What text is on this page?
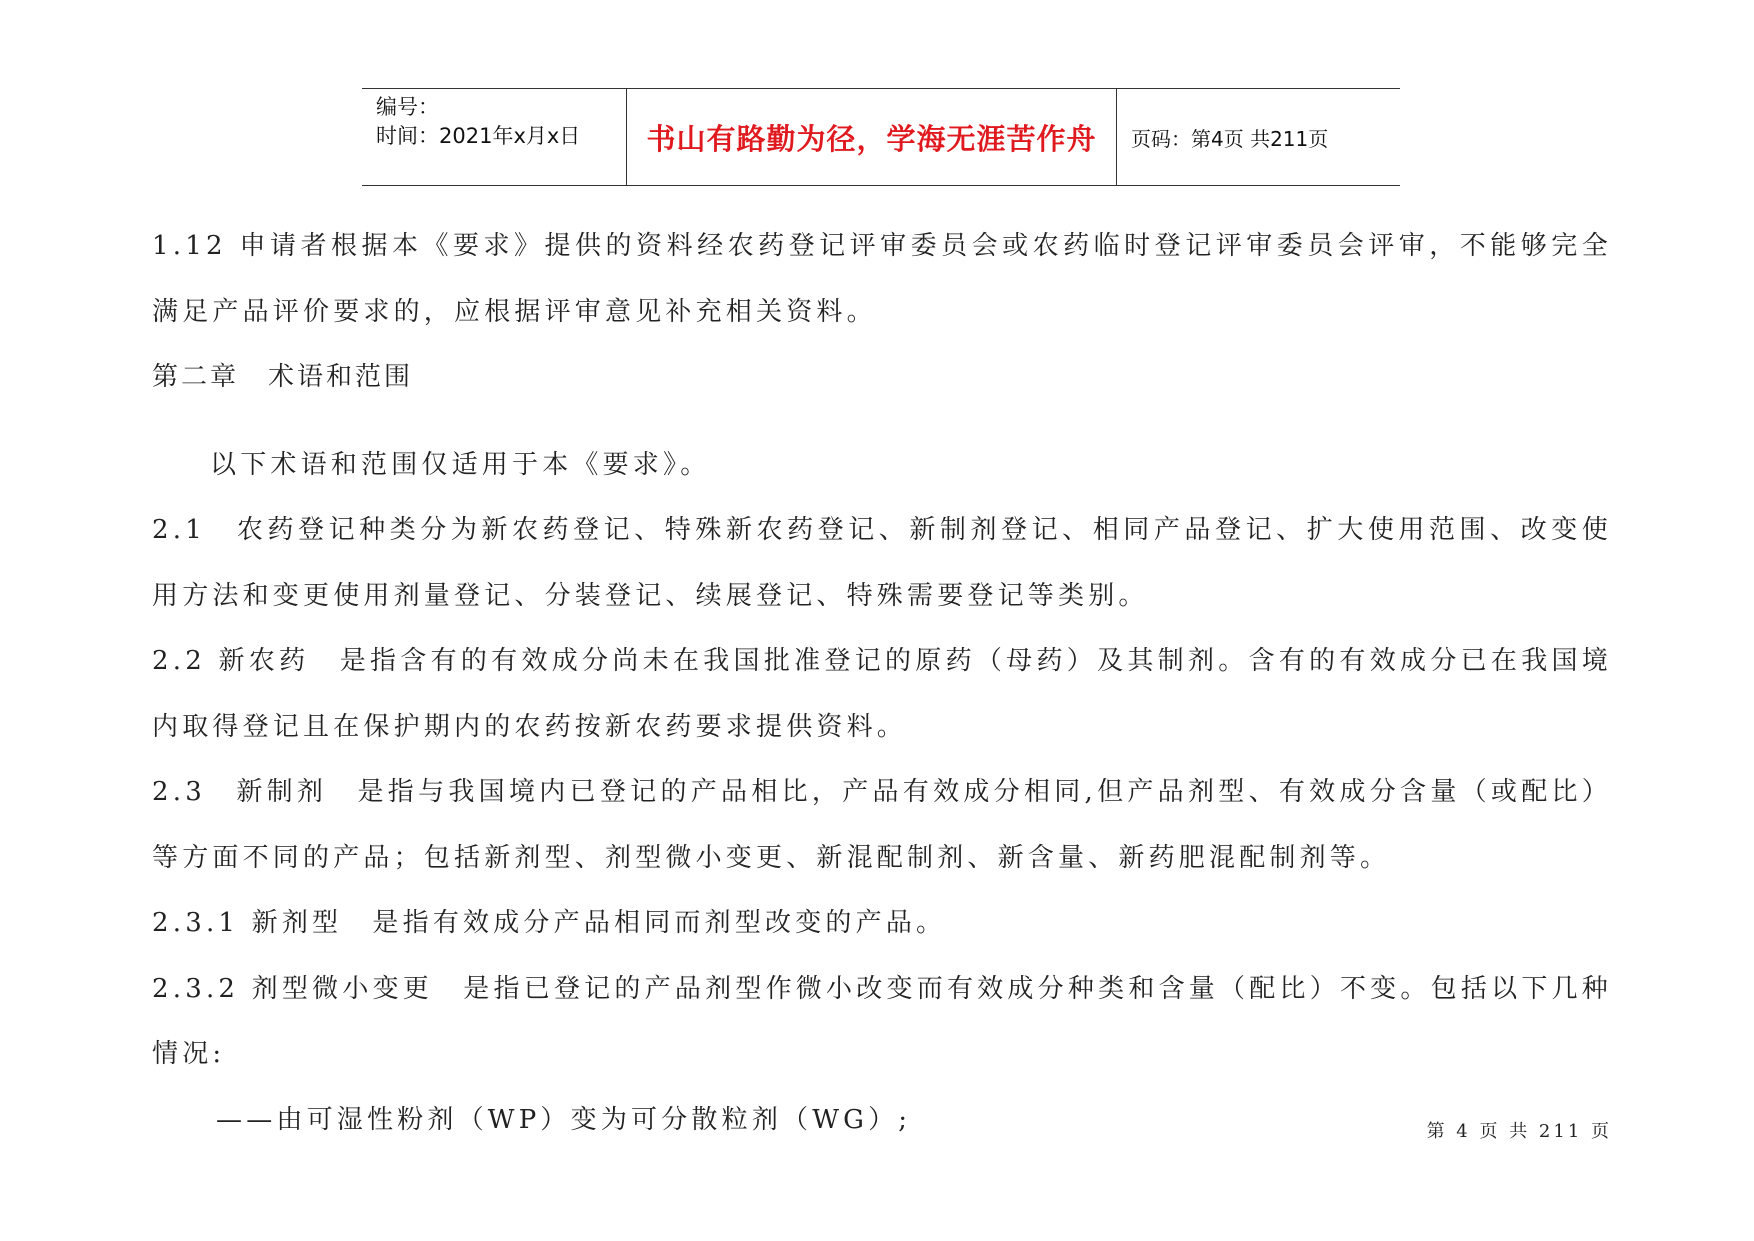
编号：
时间：2021年x月x日	书山有路勤为径，学海无涯苦作舟	页码：第4页 共211页

1.12 申请者根据本《要求》提供的资料经农药登记评审委员会或农药临时登记评审委员会评审，不能够完全满足产品评价要求的，应根据评审意见补充相关资料。

第二章　术语和范围

以下术语和范围仅适用于本《要求》。

2.1　农药登记种类分为新农药登记、特殊新农药登记、新制剂登记、相同产品登记、扩大使用范围、改变使用方法和变更使用剂量登记、分装登记、续展登记、特殊需要登记等类别。

2.2 新农药　是指含有的有效成分尚未在我国批准登记的原药（母药）及其制剂。含有的有效成分已在我国境内取得登记且在保护期内的农药按新农药要求提供资料。

2.3　新制剂　是指与我国境内已登记的产品相比，产品有效成分相同,但产品剂型、有效成分含量（或配比）等方面不同的产品；包括新剂型、剂型微小变更、新混配制剂、新含量、新药肥混配制剂等。

2.3.1 新剂型　是指有效成分产品相同而剂型改变的产品。

2.3.2 剂型微小变更　是指已登记的产品剂型作微小改变而有效成分种类和含量（配比）不变。包括以下几种情况:

——由可湿性粉剂（WP）变为可分散粒剂（WG）;	第 4 页 共 211 页
